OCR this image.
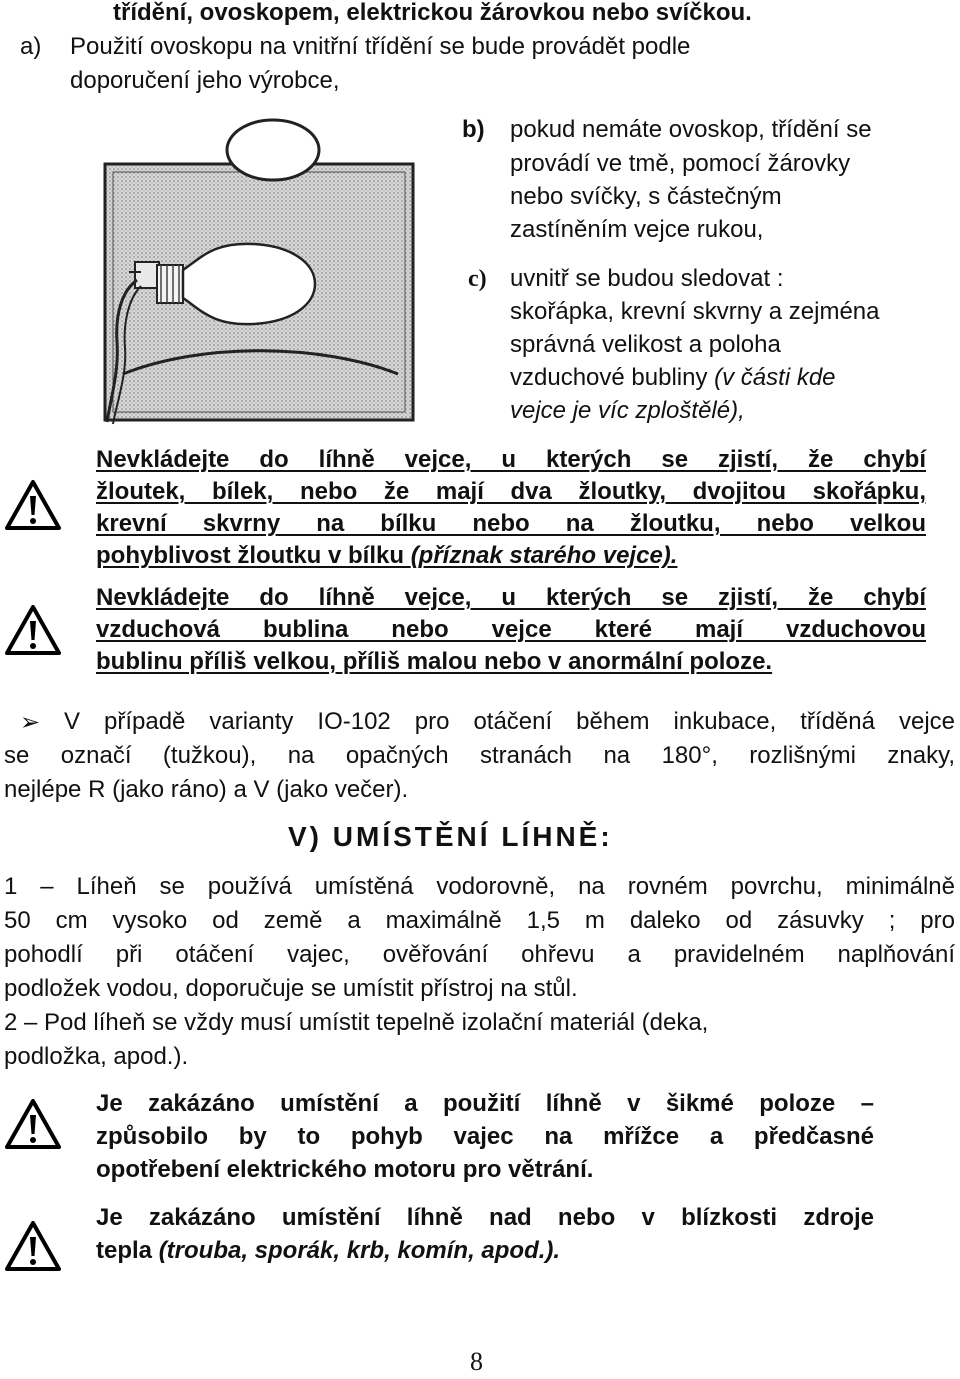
třídění, ovoskopem, elektrickou žárovkou nebo svíčkou.
a) Použití ovoskopu na vnitřní třídění se bude provádět podle
doporučení jeho výrobce,
b) pokud nemáte ovoskop, třídění se
provádí ve tmě, pomocí žárovky
nebo svíčky, s částečným
zastíněním vejce rukou,
c) uvnitř se budou sledovat :
skořápka, krevní skvrny a zejména
správná velikost a poloha
vzduchové bubliny (v části kde
vejce je víc zploštělé),
Nevkládejte do líhně vejce, u kterých se zjistí, že chybí
žloutek, bílek, nebo že mají dva žloutky, dvojitou skořápku,
krevní skvrny na bílku nebo na žloutku, nebo velkou
pohyblivost žloutku v bílku (příznak starého vejce).
Nevkládejte do líhně vejce, u kterých se zjistí, že chybí
vzduchová bublina nebo vejce které mají vzduchovou
bublinu příliš velkou, příliš malou nebo v anormální poloze.
➢ V případě varianty IO-102 pro otáčení během inkubace, tříděná vejce
se označí (tužkou), na opačných stranách na 180°, rozlišnými znaky,
nejlépe R (jako ráno) a V (jako večer).
V) UMÍSTĚNÍ LÍHNĚ:
1 – Líheň se používá umístěná vodorovně, na rovném povrchu, minimálně
50 cm vysoko od země a maximálně 1,5 m daleko od zásuvky ; pro
pohodlí při otáčení vajec, ověřování ohřevu a pravidelném naplňování
podložek vodou, doporučuje se umístit přístroj na stůl.
2 – Pod líheň se vždy musí umístit tepelně izolační materiál (deka,
podložka, apod.).
Je zakázáno umístění a použití líhně v šikmé poloze –
způsobilo by to pohyb vajec na mřížce a předčasné
opotřebení elektrického motoru pro větrání.
Je zakázáno umístění líhně nad nebo v blízkosti zdroje
tepla (trouba, sporák, krb, komín, apod.).
8
